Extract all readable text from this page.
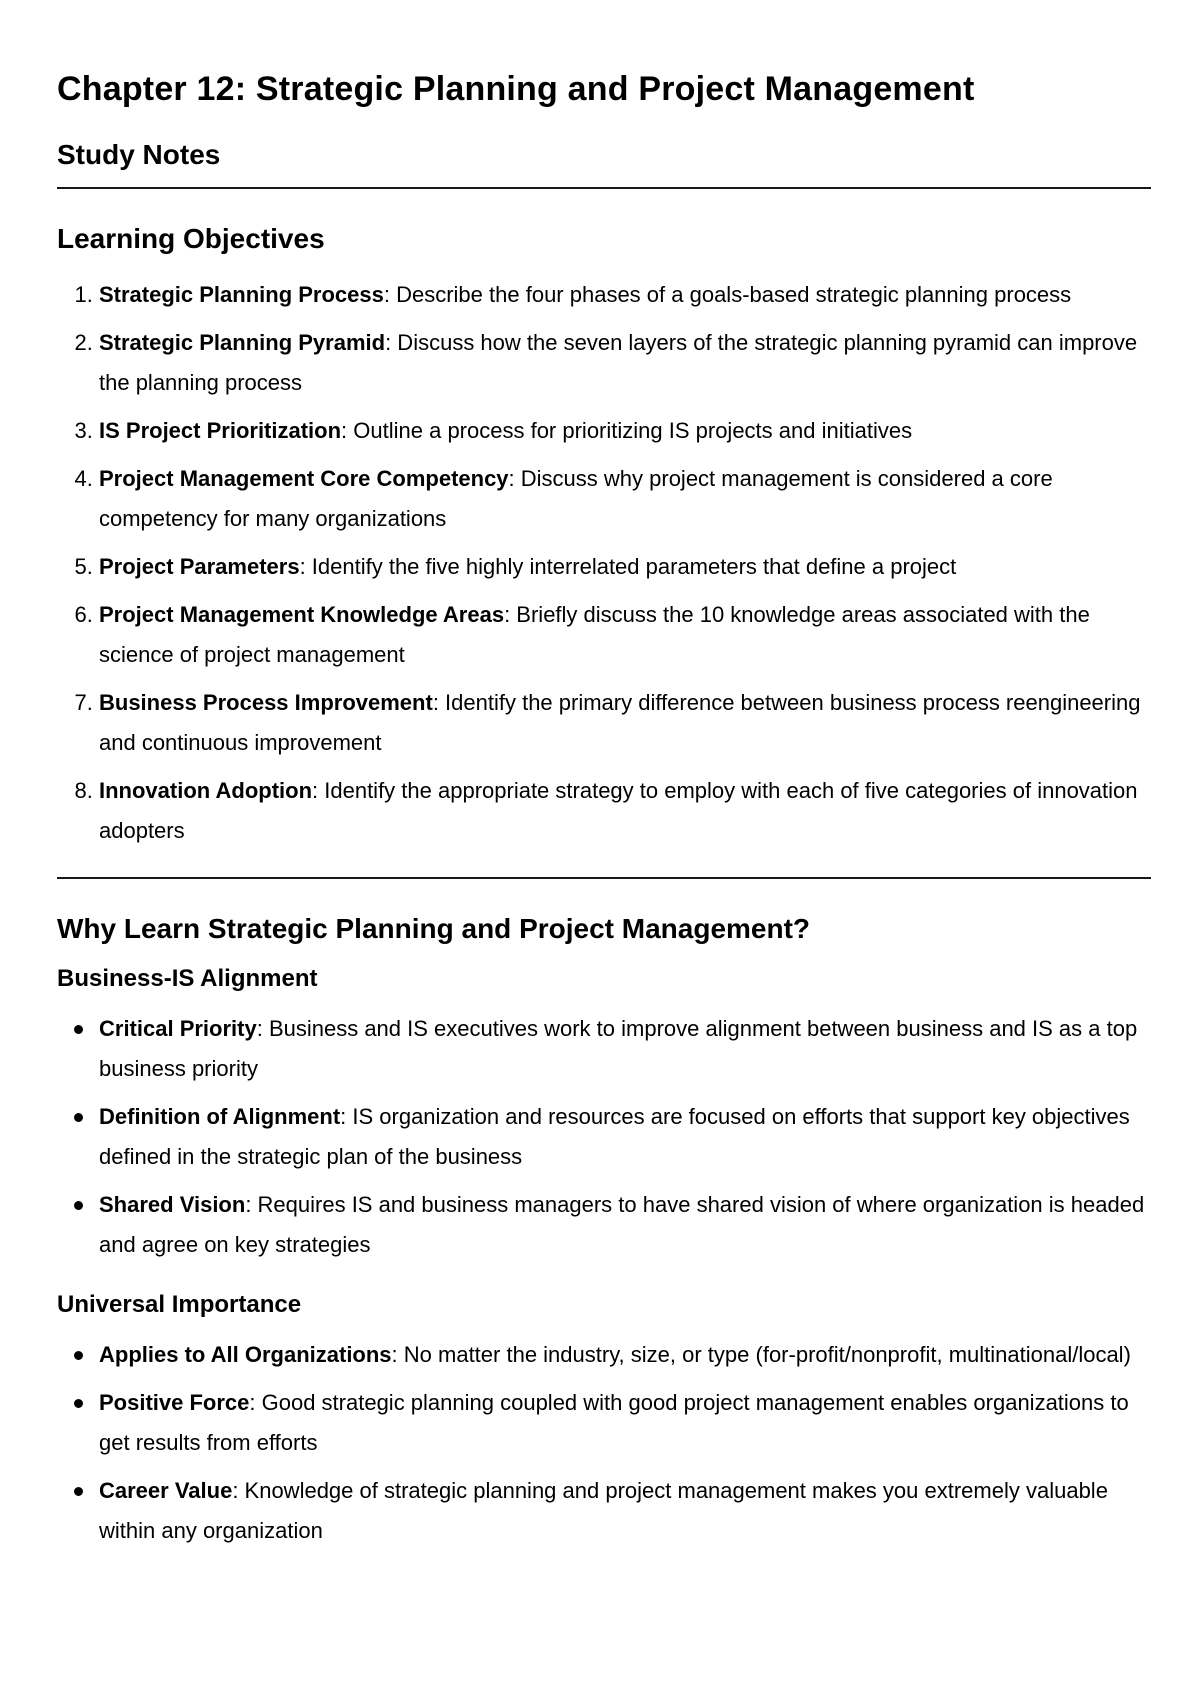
Chapter 12: Strategic Planning and Project Management
Study Notes
Learning Objectives
1. Strategic Planning Process: Describe the four phases of a goals-based strategic planning process
2. Strategic Planning Pyramid: Discuss how the seven layers of the strategic planning pyramid can improve the planning process
3. IS Project Prioritization: Outline a process for prioritizing IS projects and initiatives
4. Project Management Core Competency: Discuss why project management is considered a core competency for many organizations
5. Project Parameters: Identify the five highly interrelated parameters that define a project
6. Project Management Knowledge Areas: Briefly discuss the 10 knowledge areas associated with the science of project management
7. Business Process Improvement: Identify the primary difference between business process reengineering and continuous improvement
8. Innovation Adoption: Identify the appropriate strategy to employ with each of five categories of innovation adopters
Why Learn Strategic Planning and Project Management?
Business-IS Alignment
Critical Priority: Business and IS executives work to improve alignment between business and IS as a top business priority
Definition of Alignment: IS organization and resources are focused on efforts that support key objectives defined in the strategic plan of the business
Shared Vision: Requires IS and business managers to have shared vision of where organization is headed and agree on key strategies
Universal Importance
Applies to All Organizations: No matter the industry, size, or type (for-profit/nonprofit, multinational/local)
Positive Force: Good strategic planning coupled with good project management enables organizations to get results from efforts
Career Value: Knowledge of strategic planning and project management makes you extremely valuable within any organization
